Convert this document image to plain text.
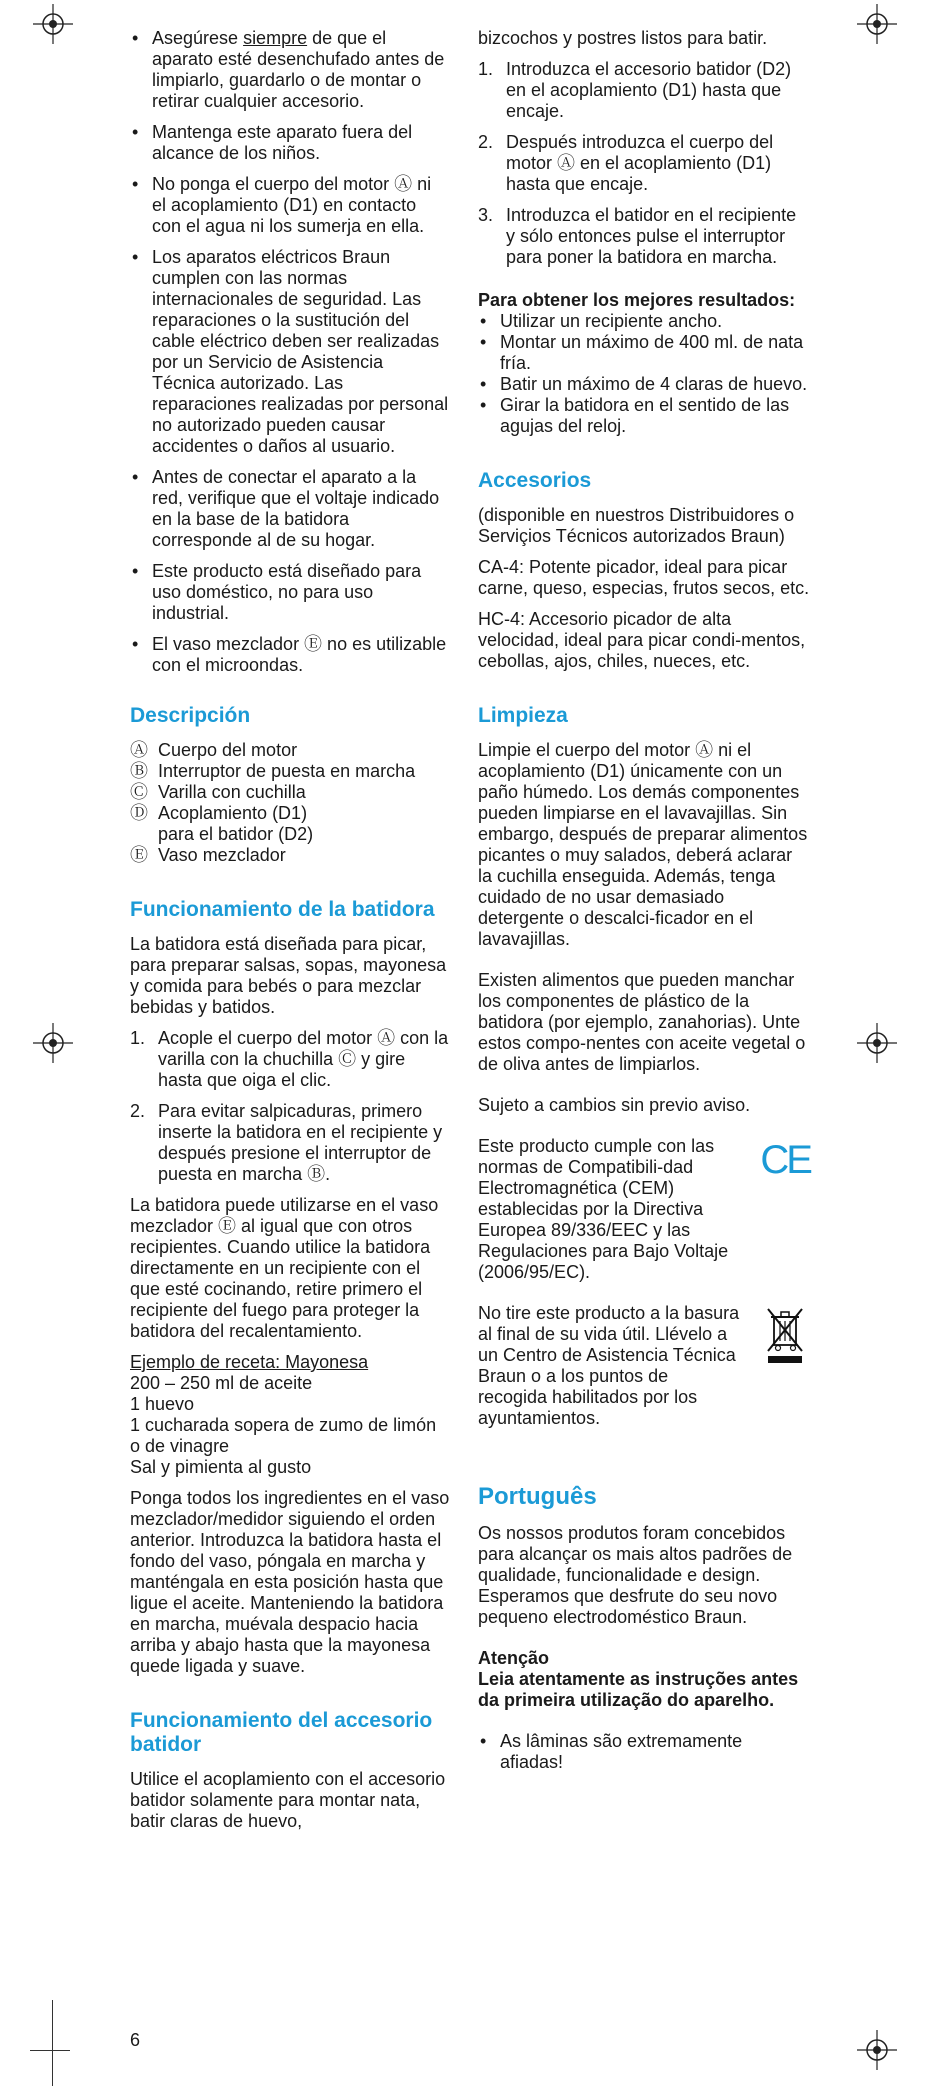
• Asegúrese siempre de que el aparato esté desenchufado antes de limpiarlo, guardarlo o de montar o retirar cualquier accesorio.
• Mantenga este aparato fuera del alcance de los niños.
• No ponga el cuerpo del motor Ⓐ ni el acoplamiento (D1) en contacto con el agua ni los sumerja en ella.
• Los aparatos eléctricos Braun cumplen con las normas internacionales de seguridad. Las reparaciones o la sustitución del cable eléctrico deben ser realizadas por un Servicio de Asistencia Técnica autorizado. Las reparaciones realizadas por personal no autorizado pueden causar accidentes o daños al usuario.
• Antes de conectar el aparato a la red, verifique que el voltaje indicado en la base de la batidora corresponde al de su hogar.
• Este producto está diseñado para uso doméstico, no para uso industrial.
• El vaso mezclador Ⓔ no es utilizable con el microondas.
Descripción
Ⓐ Cuerpo del motor
Ⓑ Interruptor de puesta en marcha
Ⓒ Varilla con cuchilla
Ⓓ Acoplamiento (D1) para el batidor (D2)
Ⓔ Vaso mezclador
Funcionamiento de la batidora

La batidora está diseñada para picar, para preparar salsas, sopas, mayonesa y comida para bebés o para mezclar bebidas y batidos.

1. Acople el cuerpo del motor Ⓐ con la varilla con la chuchilla Ⓒ y gire hasta que oiga el clic.
2. Para evitar salpicaduras, primero inserte la batidora en el recipiente y después presione el interruptor de puesta en marcha Ⓑ.

La batidora puede utilizarse en el vaso mezclador Ⓔ al igual que con otros recipientes. Cuando utilice la batidora directamente en un recipiente con el que esté cocinando, retire primero el recipiente del fuego para proteger la batidora del recalentamiento.

Ejemplo de receta: Mayonesa
200 – 250 ml de aceite
1 huevo
1 cucharada sopera de zumo de limón o de vinagre
Sal y pimienta al gusto

Ponga todos los ingredientes en el vaso mezclador/medidor siguiendo el orden anterior. Introduzca la batidora hasta el fondo del vaso, póngala en marcha y manténgala en esta posición hasta que ligue el aceite. Manteniendo la batidora en marcha, muévala despacio hacia arriba y abajo hasta que la mayonesa quede ligada y suave.

Funcionamiento del accesorio batidor

Utilice el acoplamiento con el accesorio batidor solamente para montar nata, batir claras de huevo,

6

bizcochos y postres listos para batir.

1. Introduzca el accesorio batidor (D2) en el acoplamiento (D1) hasta que encaje.
2. Después introduzca el cuerpo del motor Ⓐ en el acoplamiento (D1) hasta que encaje.
3. Introduzca el batidor en el recipiente y sólo entonces pulse el interruptor para poner la batidora en marcha.
Para obtener los mejores resultados:
• Utilizar un recipiente ancho.
• Montar un máximo de 400 ml. de nata fría.
• Batir un máximo de 4 claras de huevo.
• Girar la batidora en el sentido de las agujas del reloj.
Accesorios

(disponible en nuestros Distribuidores o Serviçios Técnicos autorizados Braun)

CA-4: Potente picador, ideal para picar carne, queso, especias, frutos secos, etc.

HC-4: Accesorio picador de alta velocidad, ideal para picar condi-mentos, cebollas, ajos, chiles, nueces, etc.

Limpieza

Limpie el cuerpo del motor Ⓐ ni el acoplamiento (D1) únicamente con un paño húmedo. Los demás componentes pueden limpiarse en el lavavajillas. Sin embargo, después de preparar alimentos picantes o muy salados, deberá aclarar la cuchilla enseguida. Además, tenga cuidado de no usar demasiado detergente o descalci-ficador en el lavavajillas.

Existen alimentos que pueden manchar los componentes de plástico de la batidora (por ejemplo, zanahorias). Unte estos compo-nentes con aceite vegetal o de oliva antes de limpiarlos.

Sujeto a cambios sin previo aviso.

Este producto cumple con las normas de Compatibili-dad Electromagnética (CEM) establecidas por la Directiva Europea 89/336/EEC y las Regulaciones para Bajo Voltaje (2006/95/EC).
CE
No tire este producto a la basura al final de su vida útil. Llévelo a un Centro de Asistencia Técnica Braun o a los puntos de recogida habilitados por los ayuntamientos.
Português

Os nossos produtos foram concebidos para alcançar os mais altos padrões de qualidade, funcionalidade e design. Esperamos que desfrute do seu novo pequeno electrodoméstico Braun.

Atenção

Leia atentamente as instruções antes da primeira utilização do aparelho.

• As lâminas são extremamente afiadas!
